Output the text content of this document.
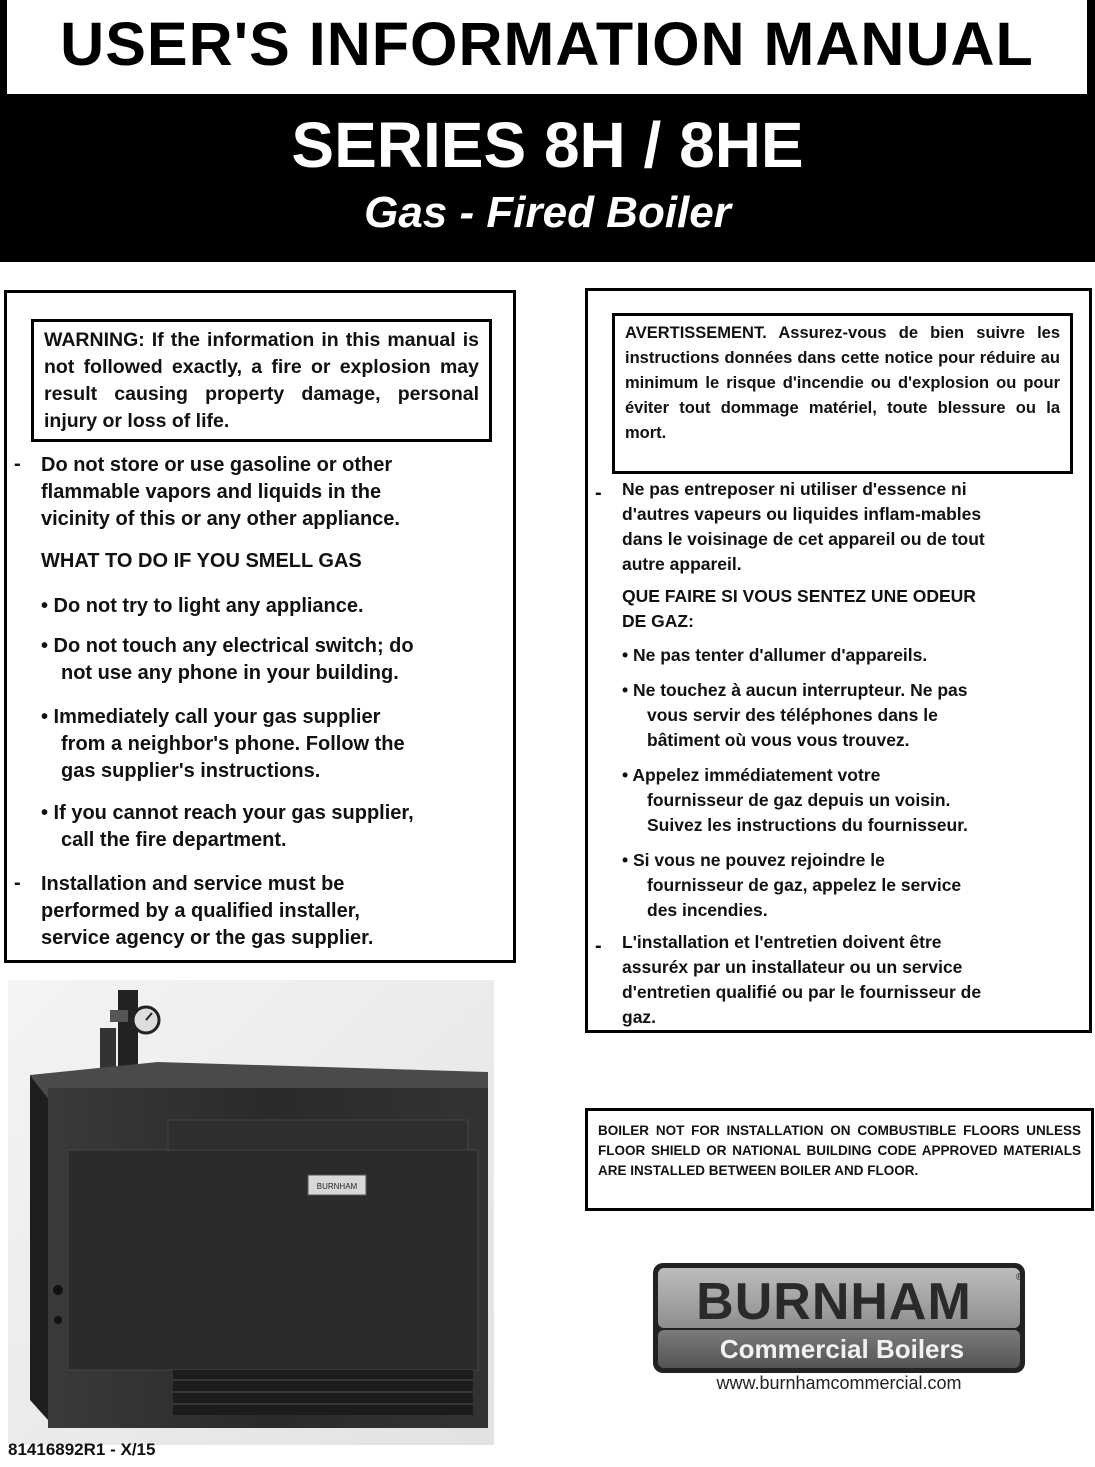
USER'S INFORMATION MANUAL
SERIES 8H / 8HE
Gas - Fired Boiler
WARNING: If the information in this manual is not followed exactly, a fire or explosion may result causing property damage, personal injury or loss of life.
- Do not store or use gasoline or other
flammable vapors and liquids in the
vicinity of this or any other appliance.
WHAT TO DO IF YOU SMELL GAS
• Do not try to light any appliance.
• Do not touch any electrical switch; do
not use any phone in your building.
• Immediately call your gas supplier
from a neighbor's phone. Follow the
gas supplier's instructions.
• If you cannot reach your gas supplier,
call the fire department.
- Installation and service must be
performed by a qualified installer,
service agency or the gas supplier.
AVERTISSEMENT. Assurez-vous de bien suivre les instructions données dans cette notice pour réduire au minimum le risque d'incendie ou d'explosion ou pour éviter tout dommage matériel, toute blessure ou la mort.
- Ne pas entreposer ni utiliser d'essence ni
d'autres vapeurs ou liquides inflam-mables
dans le voisinage de cet appareil ou de tout
autre appareil.
QUE FAIRE SI VOUS SENTEZ UNE ODEUR
DE GAZ:
• Ne pas tenter d'allumer d'appareils.
• Ne touchez à aucun interrupteur. Ne pas
vous servir des téléphones dans le
bâtiment où vous vous trouvez.
• Appelez immédiatement votre
fournisseur de gaz depuis un voisin.
Suivez les instructions du fournisseur.
• Si vous ne pouvez rejoindre le
fournisseur de gaz, appelez le service
des incendies.
- L'installation et l'entretien doivent être
assuréx par un installateur ou un service
d'entretien qualifié ou par le fournisseur de
gaz.
BURNHAM
BOILER NOT FOR INSTALLATION ON COMBUSTIBLE FLOORS UNLESS FLOOR SHIELD OR NATIONAL BUILDING CODE APPROVED MATERIALS ARE INSTALLED BETWEEN BOILER AND FLOOR.
BURNHAM	®
Commercial Boilers
www.burnhamcommercial.com
81416892R1 - X/15
